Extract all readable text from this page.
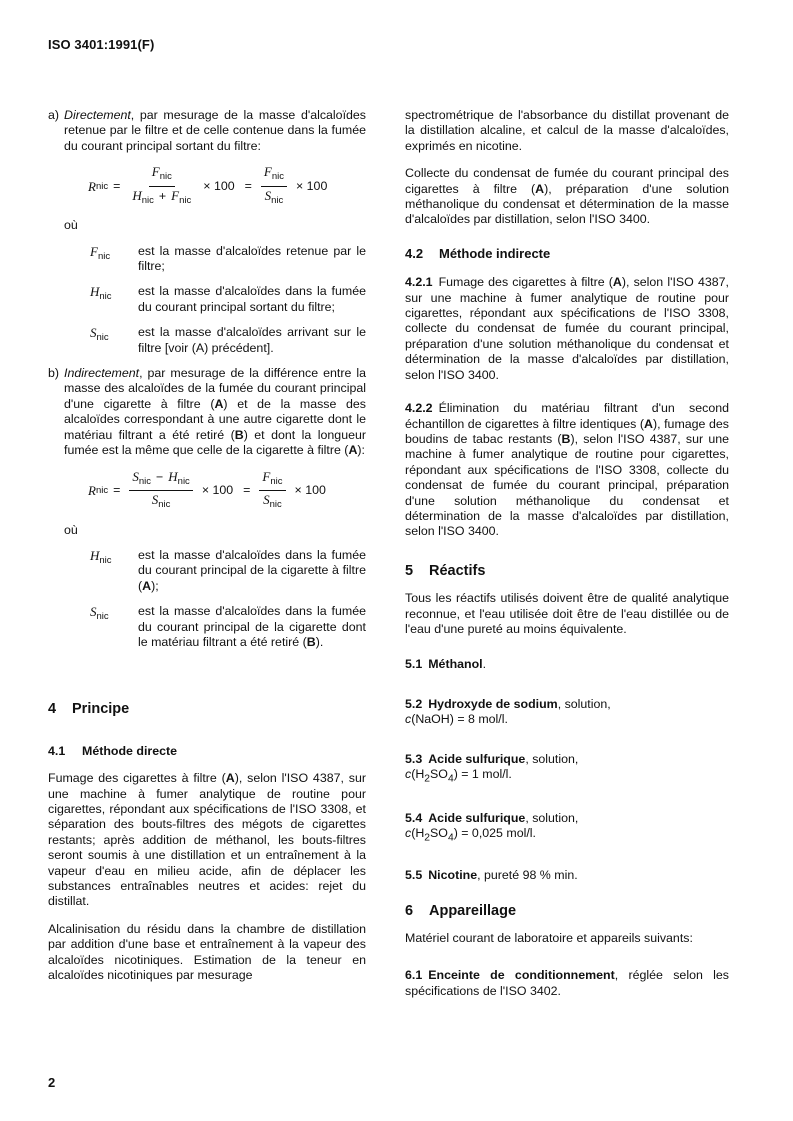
ISO 3401:1991(F)
a) Directement, par mesurage de la masse d'alcaloïdes retenue par le filtre et de celle contenue dans la fumée du courant principal sortant du filtre:
R nic = $\frac{F_{nic}}{H_{nic} + F_{nic}} \times 100 = \frac{F_{nic}}{S_{nic}} \times 100$
où
$F_{nic}$ est la masse d'alcaloïdes retenue par le filtre;
$H_{nic}$ est la masse d'alcaloïdes dans la fumée du courant principal sortant du filtre;
$S_{nic}$ est la masse d'alcaloïdes arrivant sur le filtre [voir (A) précédent].
b) Indirectement, par mesurage de la différence entre la masse des alcaloïdes de la fumée du courant principal d'une cigarette à filtre (A) et de la masse des alcaloïdes correspondant à une autre cigarette dont le matériau filtrant a été retiré (B) et dont la longueur fumée est la même que celle de la cigarette à filtre (A):
R nic = $\frac{S_{nic} - H_{nic}}{S_{nic}} \times 100 = \frac{F_{nic}}{S_{nic}} \times 100$
où
$H_{nic}$ est la masse d'alcaloïdes dans la fumée du courant principal de la cigarette à filtre (A);
$S_{nic}$ est la masse d'alcaloïdes dans la fumée du courant principal de la cigarette dont le matériau filtrant a été retiré (B).
4 Principe
4.1 Méthode directe

Fumage des cigarettes à filtre (A), selon l'ISO 4387, sur une machine à fumer analytique de routine pour cigarettes, répondant aux spécifications de l'ISO 3308, et séparation des bouts-filtres des mégots de cigarettes restants; après addition de méthanol, les bouts-filtres seront soumis à une distillation et un entraînement à la vapeur d'eau en milieu acide, afin de déplacer les substances entraînables neutres et acides: rejet du distillat.

Alcalinisation du résidu dans la chambre de distillation par addition d'une base et entraînement à la vapeur des alcaloïdes nicotiniques. Estimation de la teneur en alcaloïdes nicotiniques par mesurage

spectrométrique de l'absorbance du distillat provenant de la distillation alcaline, et calcul de la masse d'alcaloïdes, exprimés en nicotine.

Collecte du condensat de fumée du courant principal des cigarettes à filtre (A), préparation d'une solution méthanolique du condensat et détermination de la masse d'alcaloïdes par distillation, selon l'ISO 3400.

4.2 Méthode indirecte

4.2.1 Fumage des cigarettes à filtre (A), selon l'ISO 4387, sur une machine à fumer analytique de routine pour cigarettes, répondant aux spécifications de l'ISO 3308, collecte du condensat de fumée du courant principal, préparation d'une solution méthanolique du condensat et détermination de la masse d'alcaloïdes par distillation, selon l'ISO 3400.

4.2.2 Élimination du matériau filtrant d'un second échantillon de cigarettes à filtre identiques (A), fumage des boudins de tabac restants (B), selon l'ISO 4387, sur une machine à fumer analytique de routine pour cigarettes, répondant aux spécifications de l'ISO 3308, collecte du condensat de fumée du courant principal, préparation d'une solution méthanolique du condensat et détermination de la masse d'alcaloïdes par distillation, selon l'ISO 3400.

5 Réactifs

Tous les réactifs utilisés doivent être de qualité analytique reconnue, et l'eau utilisée doit être de l'eau distillée ou de l'eau d'une pureté au moins équivalente.

5.1 Méthanol.
5.2 Hydroxyde de sodium, solution,
c(NaOH) = 8 mol/l.
5.3 Acide sulfurique, solution,
$c(H_2SO_4) = 1$ mol/l.
5.4 Acide sulfurique, solution,
$c(H_2SO_4) = 0,025$ mol/l.
5.5 Nicotine, pureté 98 % min.
6 Appareillage

Matériel courant de laboratoire et appareils suivants:

6.1 Enceinte de conditionnement, réglée selon les spécifications de l'ISO 3402.

2
